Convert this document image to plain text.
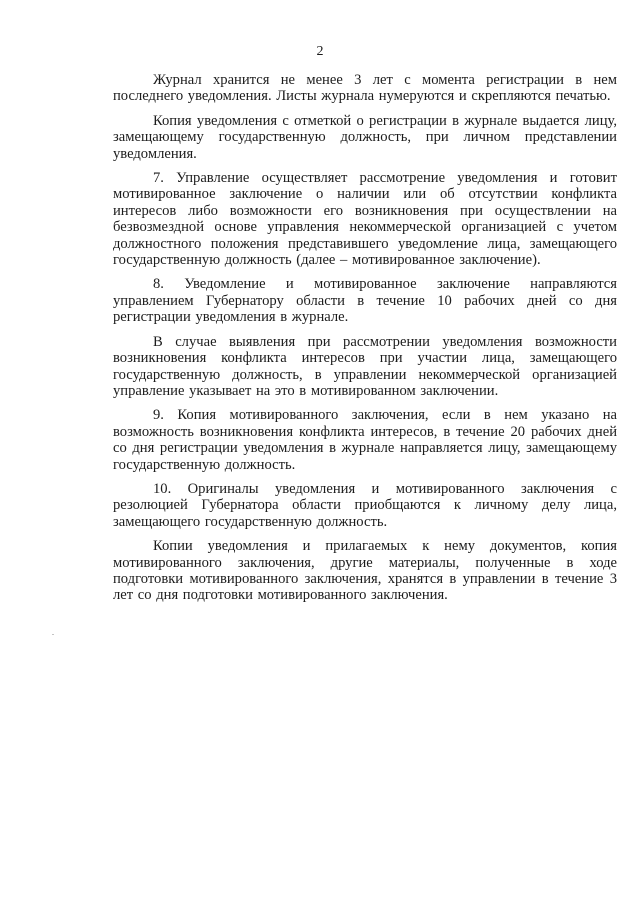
2

Журнал хранится не менее 3 лет с момента регистрации в нем последнего уведомления. Листы журнала нумеруются и скрепляются печатью.

Копия уведомления с отметкой о регистрации в журнале выдается лицу, замещающему государственную должность, при личном представлении уведомления.

7. Управление осуществляет рассмотрение уведомления и готовит мотивированное заключение о наличии или об отсутствии конфликта интересов либо возможности его возникновения при осуществлении на безвозмездной основе управления некоммерческой организацией с учетом должностного положения представившего уведомление лица, замещающего государственную должность (далее – мотивированное заключение).

8. Уведомление и мотивированное заключение направляются управлением Губернатору области в течение 10 рабочих дней со дня регистрации уведомления в журнале.

В случае выявления при рассмотрении уведомления возможности возникновения конфликта интересов при участии лица, замещающего государственную должность, в управлении некоммерческой организацией управление указывает на это в мотивированном заключении.

9. Копия мотивированного заключения, если в нем указано на возможность возникновения конфликта интересов, в течение 20 рабочих дней со дня регистрации уведомления в журнале направляется лицу, замещающему государственную должность.

10. Оригиналы уведомления и мотивированного заключения с резолюцией Губернатора области приобщаются к личному делу лица, замещающего государственную должность.

Копии уведомления и прилагаемых к нему документов, копия мотивированного заключения, другие материалы, полученные в ходе подготовки мотивированного заключения, хранятся в управлении в течение 3 лет со дня подготовки мотивированного заключения.

.
